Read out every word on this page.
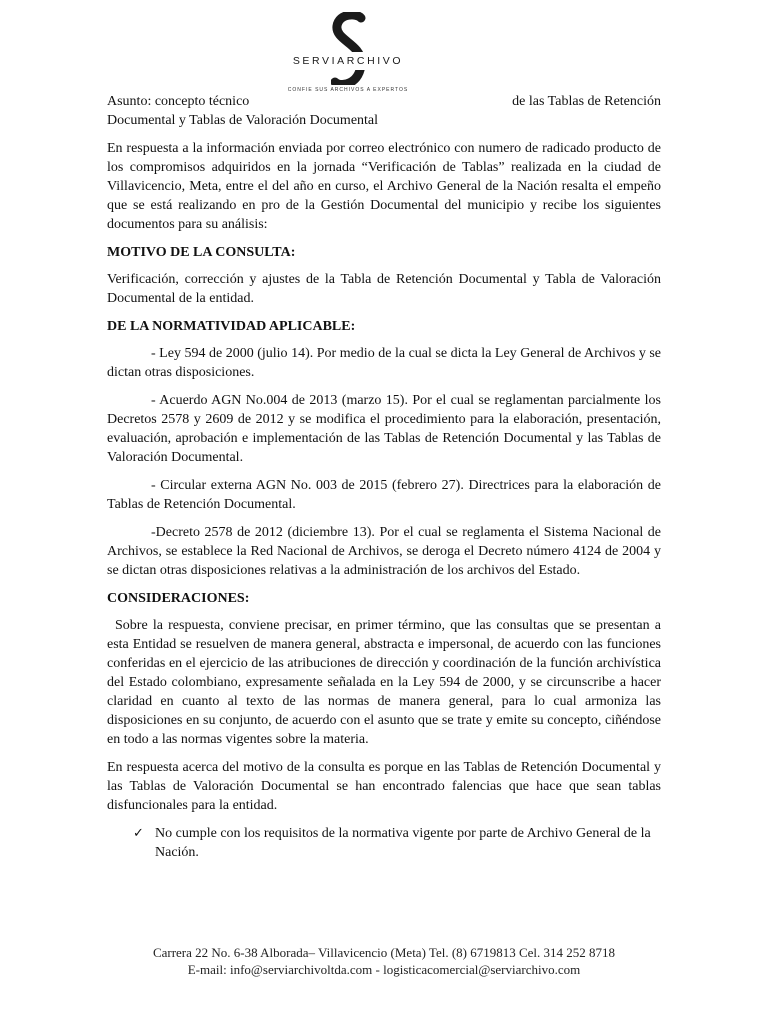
SERVIARCHIVO
CONFIE SUS ARCHIVOS A EXPERTOS
Asunto: concepto técnico	de las Tablas de Retención
Documental y Tablas de Valoración Documental

En respuesta a la información enviada por correo electrónico con numero de radicado producto de los compromisos adquiridos en la jornada “Verificación de Tablas” realizada en la ciudad de Villavicencio, Meta, entre el del año en curso, el Archivo General de la Nación resalta el empeño que se está realizando en pro de la Gestión Documental del municipio y recibe los siguientes documentos para su análisis:

MOTIVO DE LA CONSULTA:

Verificación, corrección y ajustes de la Tabla de Retención Documental y Tabla de Valoración Documental de la entidad.

DE LA NORMATIVIDAD APLICABLE:

- Ley 594 de 2000 (julio 14). Por medio de la cual se dicta la Ley General de Archivos y se dictan otras disposiciones.

- Acuerdo AGN No.004 de 2013 (marzo 15). Por el cual se reglamentan parcialmente los Decretos 2578 y 2609 de 2012 y se modifica el procedimiento para la elaboración, presentación, evaluación, aprobación e implementación de las Tablas de Retención Documental y las Tablas de Valoración Documental.

- Circular externa AGN No. 003 de 2015 (febrero 27). Directrices para la elaboración de Tablas de Retención Documental.

-Decreto 2578 de 2012 (diciembre 13). Por el cual se reglamenta el Sistema Nacional de Archivos, se establece la Red Nacional de Archivos, se deroga el Decreto número 4124 de 2004 y se dictan otras disposiciones relativas a la administración de los archivos del Estado.

CONSIDERACIONES:

Sobre la respuesta, conviene precisar, en primer término, que las consultas que se presentan a esta Entidad se resuelven de manera general, abstracta e impersonal, de acuerdo con las funciones conferidas en el ejercicio de las atribuciones de dirección y coordinación de la función archivística del Estado colombiano, expresamente señalada en la Ley 594 de 2000, y se circunscribe a hacer claridad en cuanto al texto de las normas de manera general, para lo cual armoniza las disposiciones en su conjunto, de acuerdo con el asunto que se trate y emite su concepto, ciñéndose en todo a las normas vigentes sobre la materia.

En respuesta acerca del motivo de la consulta es porque en las Tablas de Retención Documental y las Tablas de Valoración Documental se han encontrado falencias que hace que sean tablas disfuncionales para la entidad.

✓ No cumple con los requisitos de la normativa vigente por parte de Archivo General de la Nación.
Carrera 22 No. 6-38 Alborada– Villavicencio (Meta) Tel. (8) 6719813 Cel. 314 252 8718
E-mail: info@serviarchivoltda.com - logisticacomercial@serviarchivo.com
